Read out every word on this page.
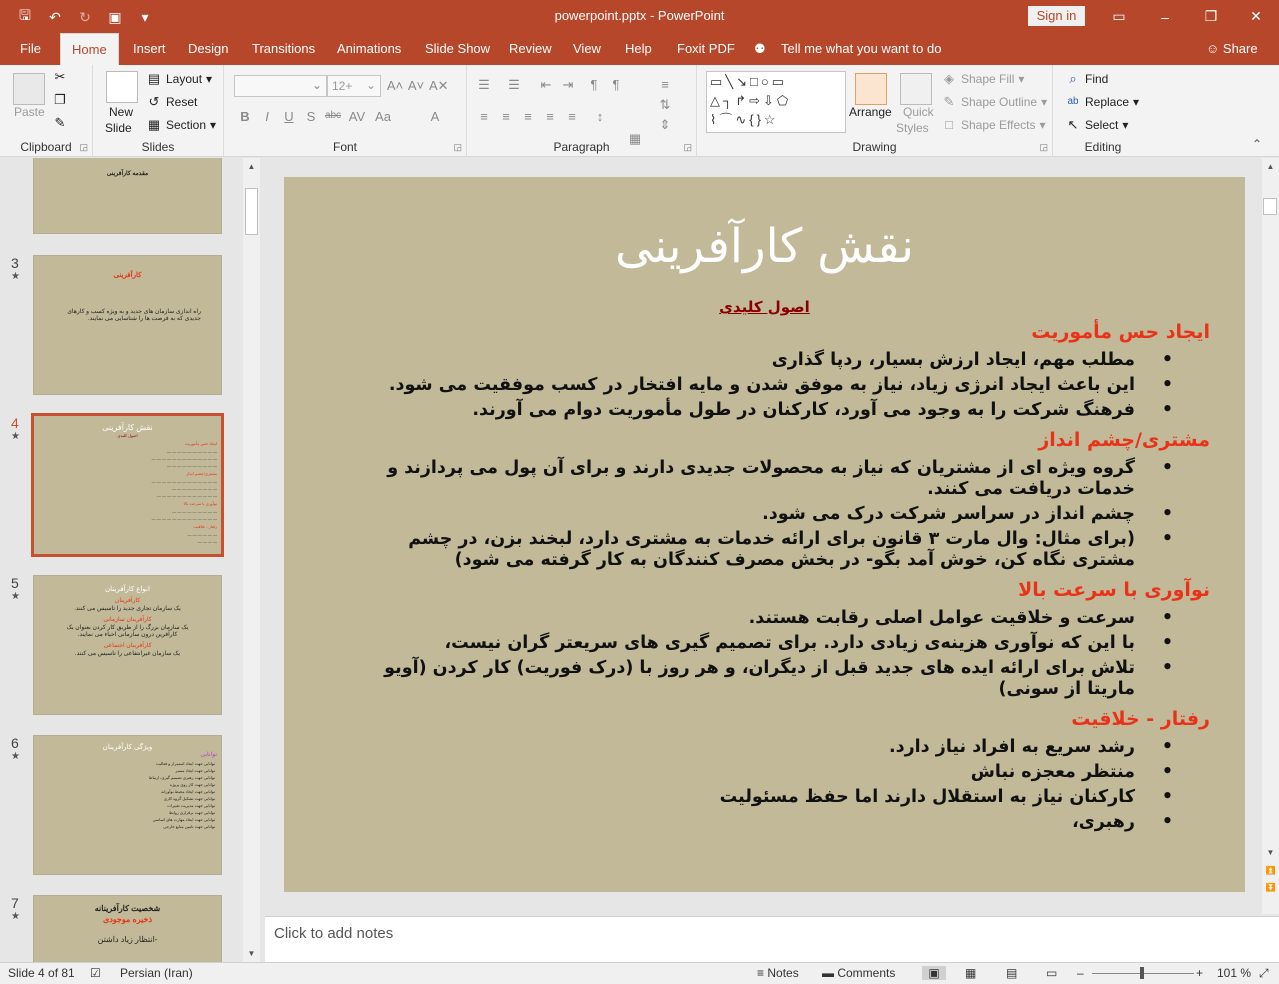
🖫	↶	↻	▣	▾	powerpoint.pptx - PowerPoint	Sign in	▭	–	❐	✕
File	Home	Insert Design Transitions Animations Slide Show Review View Help Foxit PDF ⚉ Tell me what you want to do	☺ Share
Paste
✂
❐
✎
Clipboard ◲
New
Slide
▤ Layout ▾
↺ Reset
▦ Section ▾
Slides
⌄ 12+ ⌄ A˄ A˅ A✕
B	I	U S abc AV Aa	A
Font	◲
☰ ☰ ⇤ ⇥	¶	¶	≡
⇅
⇕
≡	≡	≡	≡	≡	↕
▦
Paragraph	◲
▭╲↘□○▭
△┐↱⇨⇩⬠
⌇⌒∿{}☆	Arrange Quick
Styles
◈ Shape Fill ▾
✎ Shape Outline ▾
□ Shape Effects ▾
Drawing	◲
⌕ Find
ab Replace ▾
↖ Select ▾
Editing	⌃
مقدمه کارآفرینی
3
★	کارآفرینی
راه اندازی سازمان های جدید و به ویژه کسب و کارهای جدیدی که به فرصت ها را شناسایی می نمایند.
4
★
نقش کارآفرینی
اصول کلیدی
ایجاد حس مأموریت
— — — — — — — — — —
— — — — — — — — — — — — —
— — — — — — — — — —
مشتری/چشم انداز
— — — — — — — — — — — — —
— — — — — — — — —
— — — — — — — — — — — —
نوآوری با سرعت بالا
— — — — — — — — —
— — — — — — — — — — — — —
رفتار - خلاقیت
— — — — — —
— — — —
5
★
انواع کارآفرینان
کارآفرینان
یک سازمان تجاری جدید را تاسیس می کنند.
کارآفرینان سازمانی
یک سازمان بزرگ را از طریق کار کردن بعنوان یک کارآفرین درون سازمانی احیاء می نمایند.
کارآفرینان اجتماعی
یک سازمان غیرانتفاعی را تاسیس می کنند.
6
★
ویژگی کارآفرینان
توانایی
توانایی جهت ایجاد استمرار و فعالیت
توانایی جهت ایجاد مسیر
توانایی جهت رهبری تصمیم گیری، ارتباط
توانایی جهت کار روی پروژه
توانایی جهت ایجاد محیط نوآورانه
توانایی جهت تشکیل گروه کاری
توانایی جهت مدیریت تغییرات
توانایی جهت برقراری روابط
توانایی جهت ایجاد مهارت های اساسی
توانایی جهت تامین منابع خارجی
7
★
شخصیت کارآفرینانه
ذخیره موجودی
-انتظار زیاد داشتن
▲
▼
نقش کارآفرینی
اصول کلیدی
ایجاد حس مأموریت
• مطلب مهم، ایجاد ارزش بسیار، ردپا گذاری
• این باعث ایجاد انرژی زیاد، نیاز به موفق شدن و مایه افتخار در کسب موفقیت می شود.
• فرهنگ شرکت را به وجود می آورد، کارکنان در طول مأموریت دوام می آورند.
مشتری/چشم انداز
• گروه ویژه ای از مشتریان که نیاز به محصولات جدیدی دارند و برای آن پول می پردازند و خدمات دریافت می کنند.
• چشم انداز در سراسر شرکت درک می شود.
• (برای مثال: وال مارت ۳ قانون برای ارائه خدمات به مشتری دارد، لبخند بزن، در چشم مشتری نگاه کن، خوش آمد بگو- در بخش مصرف کنندگان به کار گرفته می شود)
نوآوری با سرعت بالا
• سرعت و خلاقیت عوامل اصلی رقابت هستند.
• با این که نوآوری هزینه‌ی زیادی دارد. برای تصمیم گیری های سریعتر گران نیست،
• تلاش برای ارائه ایده های جدید قبل از دیگران، و هر روز با (درک فوریت) کار کردن (آویو ماریتا از سونی)
رفتار - خلاقیت
• رشد سریع به افراد نیاز دارد.
• منتظر معجزه نباش
• کارکنان نیاز به استقلال دارند اما حفظ مسئولیت
• رهبری،
▲
▼
⏫
⏬
Click to add notes
Slide 4 of 81 ☑ Persian (Iran)	≡ Notes ▬ Comments	▣	▦ ▤ ▭ –	+ 101 % ⤢
